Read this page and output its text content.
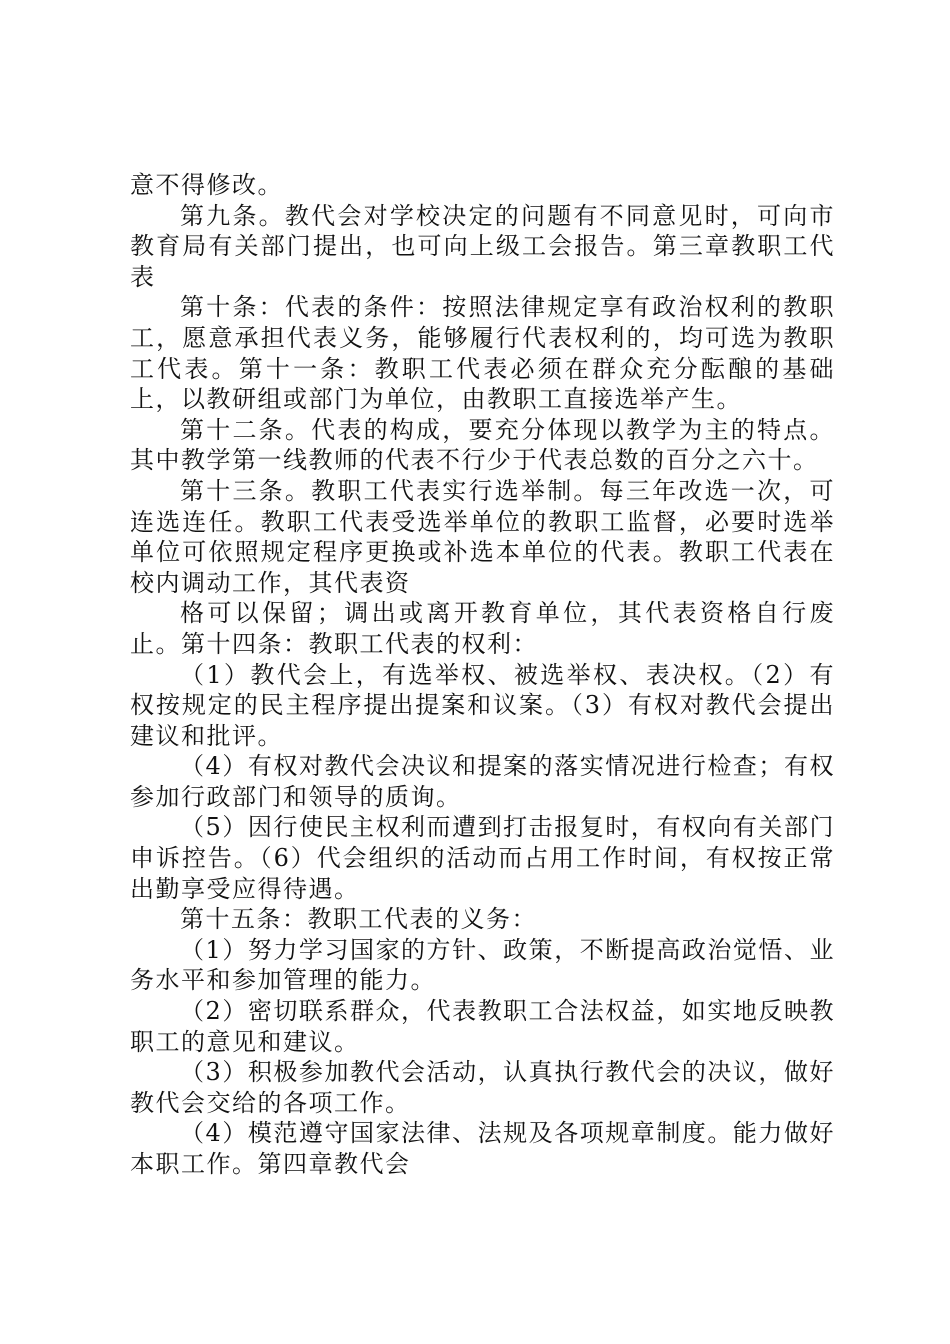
意不得修改。

第九条。教代会对学校决定的问题有不同意见时，可向市教育局有关部门提出，也可向上级工会报告。第三章教职工代表

第十条：代表的条件：按照法律规定享有政治权利的教职工，愿意承担代表义务，能够履行代表权利的，均可选为教职工代表。第十一条：教职工代表必须在群众充分酝酿的基础上，以教研组或部门为单位，由教职工直接选举产生。

第十二条。代表的构成，要充分体现以教学为主的特点。其中教学第一线教师的代表不行少于代表总数的百分之六十。

第十三条。教职工代表实行选举制。每三年改选一次，可连选连任。教职工代表受选举单位的教职工监督，必要时选举单位可依照规定程序更换或补选本单位的代表。教职工代表在校内调动工作，其代表资

格可以保留；调出或离开教育单位，其代表资格自行废止。第十四条：教职工代表的权利：

（1）教代会上，有选举权、被选举权、表决权。（2）有权按规定的民主程序提出提案和议案。（3）有权对教代会提出建议和批评。

（4）有权对教代会决议和提案的落实情况进行检查；有权参加行政部门和领导的质询。

（5）因行使民主权利而遭到打击报复时，有权向有关部门申诉控告。（6）代会组织的活动而占用工作时间，有权按正常出勤享受应得待遇。

第十五条：教职工代表的义务：

（1）努力学习国家的方针、政策，不断提高政治觉悟、业务水平和参加管理的能力。

（2）密切联系群众，代表教职工合法权益，如实地反映教职工的意见和建议。

（3）积极参加教代会活动，认真执行教代会的决议，做好教代会交给的各项工作。

（4）模范遵守国家法律、法规及各项规章制度。能力做好本职工作。第四章教代会
